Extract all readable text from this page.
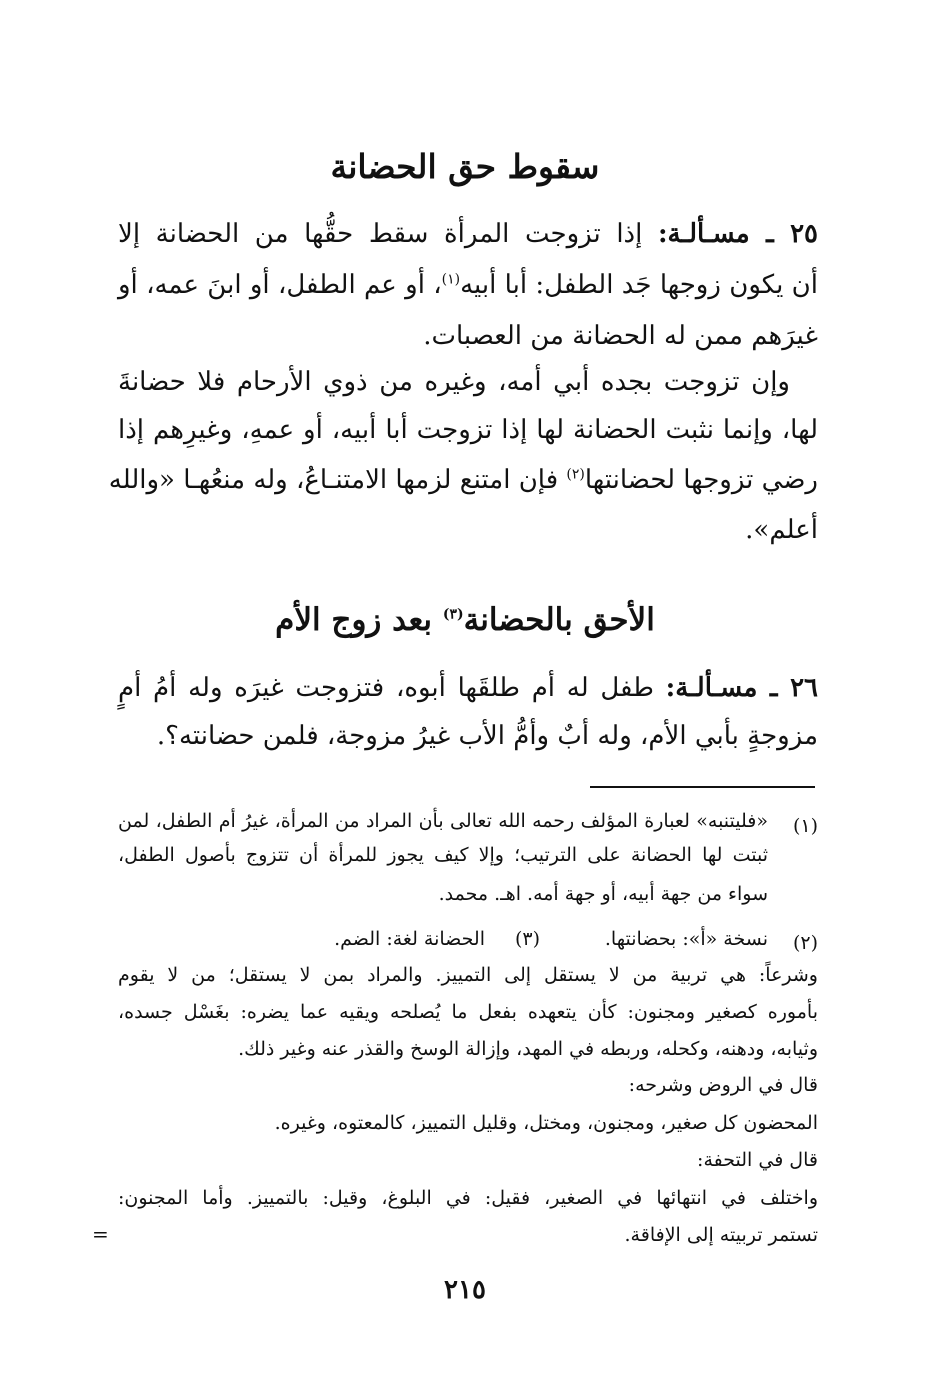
سقوط حق الحضانة
٢٥ ـ مسـألـة: إذا تزوجت المرأة سقط حقُّها من الحضانة إلا
أن يكون زوجها جَد الطفل: أبا أبيه$^{(١)}$، أو عم الطفل، أو ابنَ عمه، أو
غيرَهم ممن له الحضانة من العصبات.
وإن تزوجت بجده أبي أمه، وغيره من ذوي الأرحام فلا حضانةَ
لها، وإنما نثبت الحضانة لها إذا تزوجت أبا أبيه، أو عمهِ، وغيرِهم إذا
رضي تزوجها لحضانتها$^{(٢)}$ فإن امتنع لزمها الامتنـاعُ، وله منعُهـا «والله
أعلم».
الأحق بالحضانة$^{(٣)}$ بعد زوج الأم
٢٦ ـ مسـألـة: طفل له أم طلقَها أبوه، فتزوجت غيرَه وله أمُ أمٍ
مزوجةٍ بأبي الأم، وله أبٌ وأمُّ الأب غيرُ مزوجة، فلمن حضانته؟.
(١)
«فليتنبه» لعبارة المؤلف رحمه الله تعالى بأن المراد من المرأة، غيرُ أم الطفل، لمن
ثبتت لها الحضانة على الترتيب؛ وإلا كيف يجوز للمرأة أن تتزوج بأصول الطفل،
سواء من جهة أبيه، أو جهة أمه. اهـ. محمد.
(٢)
نسخة «أ»: بحضانتها.
(٣)
الحضانة لغة: الضم.
وشرعاً: هي تربية من لا يستقل إلى التمييز. والمراد بمن لا يستقل؛ من لا يقوم
بأموره كصغير ومجنون: كأن يتعهده بفعل ما يُصلحه ويقيه عما يضره: بغَسْل جسده،
وثيابه، ودهنه، وكحله، وربطه في المهد، وإزالة الوسخ والقذر عنه وغير ذلك.
قال في الروض وشرحه:
المحضون كل صغير، ومجنون، ومختل، وقليل التمييز، كالمعتوه، وغيره.
قال في التحفة:
واختلف في انتهائها في الصغير، فقيل: في البلوغ، وقيل: بالتمييز. وأما المجنون:
تستمر تربيته إلى الإفاقة.
=
٢١٥
